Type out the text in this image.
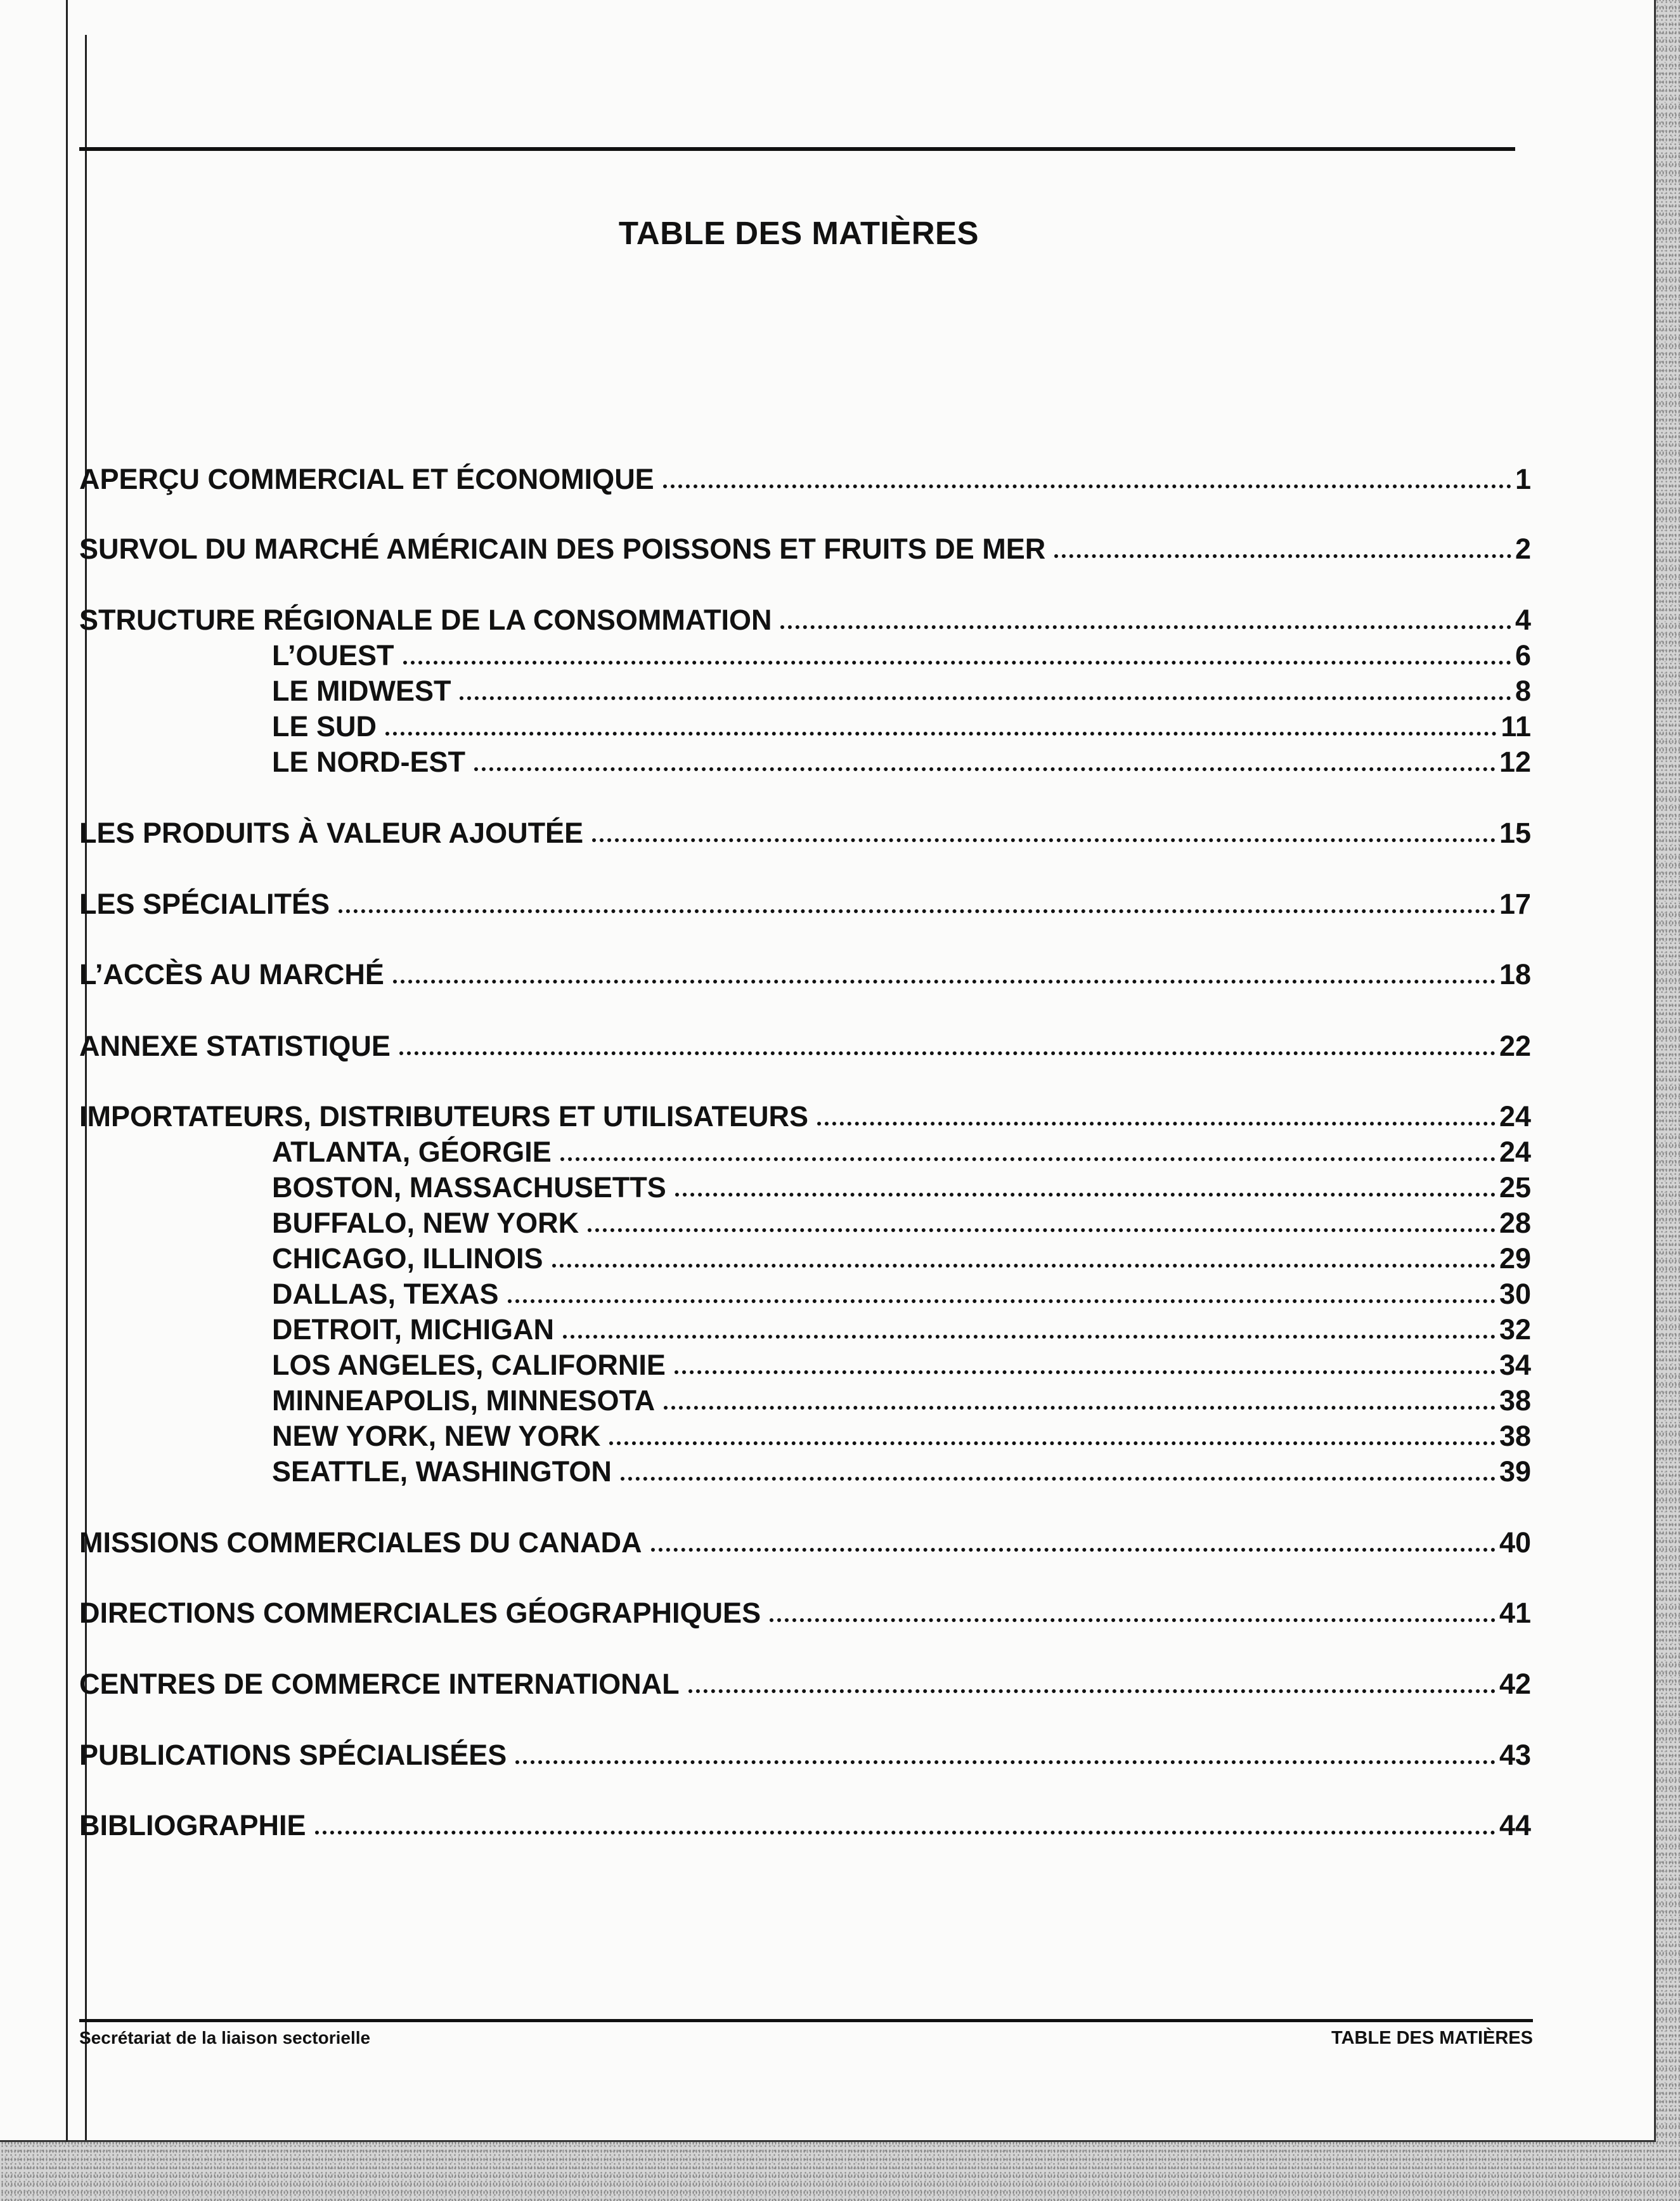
TABLE DES MATIÈRES
APERÇU COMMERCIAL ET ÉCONOMIQUE	1
SURVOL DU MARCHÉ AMÉRICAIN DES POISSONS ET FRUITS DE MER	2
STRUCTURE RÉGIONALE DE LA CONSOMMATION	4
L’OUEST	6
LE MIDWEST	8
LE SUD	11
LE NORD-EST	12
LES PRODUITS À VALEUR AJOUTÉE	15
LES SPÉCIALITÉS	17
L’ACCÈS AU MARCHÉ	18
ANNEXE STATISTIQUE	22
IMPORTATEURS, DISTRIBUTEURS ET UTILISATEURS	24
ATLANTA, GÉORGIE	24
BOSTON, MASSACHUSETTS	25
BUFFALO, NEW YORK	28
CHICAGO, ILLINOIS	29
DALLAS, TEXAS	30
DETROIT, MICHIGAN	32
LOS ANGELES, CALIFORNIE	34
MINNEAPOLIS, MINNESOTA	38
NEW YORK, NEW YORK	38
SEATTLE, WASHINGTON	39
MISSIONS COMMERCIALES DU CANADA	40
DIRECTIONS COMMERCIALES GÉOGRAPHIQUES	41
CENTRES DE COMMERCE INTERNATIONAL	42
PUBLICATIONS SPÉCIALISÉES	43
BIBLIOGRAPHIE	44

Secrétariat de la liaison sectorielle	TABLE DES MATIÈRES
